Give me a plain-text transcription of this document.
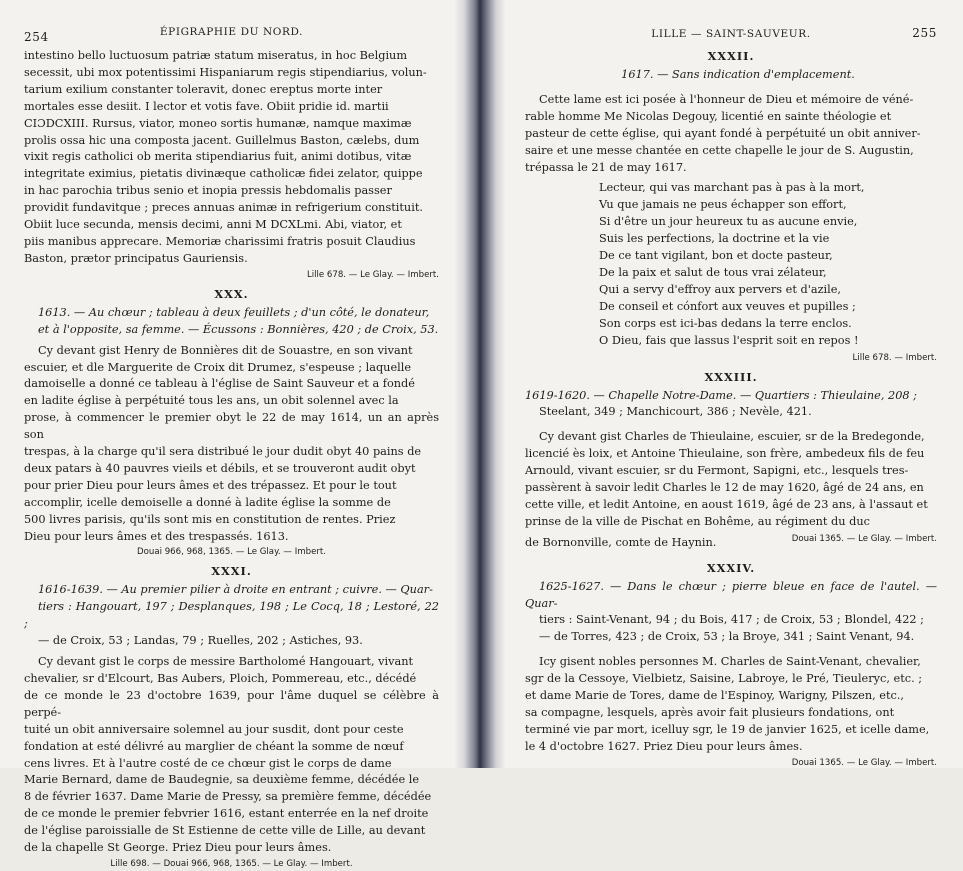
254	ÉPIGRAPHIE DU NORD.

intestino bello luctuosum patriæ statum miseratus, in hoc Belgium

secessit, ubi mox potentissimi Hispaniarum regis stipendiarius, volun-

tarium exilium constanter toleravit, donec ereptus morte inter

mortales esse desiit. I lector et votis fave. Obiit pridie id. martii

CIƆDCXIII. Rursus, viator, moneo sortis humanæ, namque maximæ

prolis ossa hic una composta jacent. Guillelmus Baston, cælebs, dum

vixit regis catholici ob merita stipendiarius fuit, animi dotibus, vitæ

integritate eximius, pietatis divinæque catholicæ fidei zelator, quippe

in hac parochia tribus senio et inopia pressis hebdomalis passer

providit fundavitque ; preces annuas animæ in refrigerium constituit.

Obiit luce secunda, mensis decimi, anni M DCXLmi. Abi, viator, et

piis manibus apprecare. Memoriæ charissimi fratris posuit Claudius

Baston, prætor principatus Gauriensis.

Lille 678. — Le Glay. — Imbert.
XXX.

1613. — Au chœur ; tableau à deux feuillets ; d'un côté, le donateur,

et à l'opposite, sa femme. — Écussons : Bonnières, 420 ; de Croix, 53.

Cy devant gist Henry de Bonnières dit de Souastre, en son vivant

escuier, et dle Marguerite de Croix dit Drumez, s'espeuse ; laquelle

damoiselle a donné ce tableau à l'église de Saint Sauveur et a fondé

en ladite église à perpétuité tous les ans, un obit solennel avec la

prose, à commencer le premier obyt le 22 de may 1614, un an après son

trespas, à la charge qu'il sera distribué le jour dudit obyt 40 pains de

deux patars à 40 pauvres vieils et débils, et se trouveront audit obyt

pour prier Dieu pour leurs âmes et des trépassez. Et pour le tout

accomplir, icelle demoiselle a donné à ladite église la somme de

500 livres parisis, qu'ils sont mis en constitution de rentes. Priez

Dieu pour leurs âmes et des trespassés. 1613.

Douai 966, 968, 1365. — Le Glay. — Imbert.
XXXI.

1616-1639. — Au premier pilier à droite en entrant ; cuivre. — Quar-

tiers : Hangouart, 197 ; Desplanques, 198 ; Le Cocq, 18 ; Lestoré, 22 ;

— de Croix, 53 ; Landas, 79 ; Ruelles, 202 ; Astiches, 93.

Cy devant gist le corps de messire Bartholomé Hangouart, vivant

chevalier, sr d'Elcourt, Bas Aubers, Ploich, Pommereau, etc., décédé

de ce monde le 23 d'octobre 1639, pour l'âme duquel se célèbre à perpé-

tuité un obit anniversaire solemnel au jour susdit, dont pour ceste

fondation at esté délivré au marglier de chéant la somme de nœuf

cens livres. Et à l'autre costé de ce chœur gist le corps de dame

Marie Bernard, dame de Baudegnie, sa deuxième femme, décédée le

8 de février 1637. Dame Marie de Pressy, sa première femme, décédée

de ce monde le premier febvrier 1616, estant enterrée en la nef droite

de l'église paroissialle de St Estienne de cette ville de Lille, au devant

de la chapelle St George. Priez Dieu pour leurs âmes.

Lille 698. — Douai 966, 968, 1365. — Le Glay. — Imbert.
LILLE — SAINT-SAUVEUR.	255
XXXII.

1617. — Sans indication d'emplacement.

Cette lame est ici posée à l'honneur de Dieu et mémoire de véné-

rable homme Me Nicolas Degouy, licentié en sainte théologie et

pasteur de cette église, qui ayant fondé à perpétuité un obit anniver-

saire et une messe chantée en cette chapelle le jour de S. Augustin,

trépassa le 21 de may 1617.

Lecteur, qui vas marchant pas à pas à la mort,
Vu que jamais ne peus échapper son effort,
Si d'être un jour heureux tu as aucune envie,
Suis les perfections, la doctrine et la vie
De ce tant vigilant, bon et docte pasteur,
De la paix et salut de tous vrai zélateur,
Qui a servy d'effroy aux pervers et d'azile,
De conseil et cónfort aux veuves et pupilles ;
Son corps est ici-bas dedans la terre enclos.
O Dieu, fais que lassus l'esprit soit en repos !
Lille 678. — Imbert.
XXXIII.

1619-1620. — Chapelle Notre-Dame. — Quartiers : Thieulaine, 208 ;

Steelant, 349 ; Manchicourt, 386 ; Nevèle, 421.

Cy devant gist Charles de Thieulaine, escuier, sr de la Bredegonde,

licencié ès loix, et Antoine Thieulaine, son frère, ambedeux fils de feu

Arnould, vivant escuier, sr du Fermont, Sapigni, etc., lesquels tres-

passèrent à savoir ledit Charles le 12 de may 1620, âgé de 24 ans, en

cette ville, et ledit Antoine, en aoust 1619, âgé de 23 ans, à l'assaut et

prinse de la ville de Pischat en Bohême, au régiment du duc

de Bornonville, comte de Haynin.	Douai 1365. — Le Glay. — Imbert.
XXXIV.

1625-1627. — Dans le chœur ; pierre bleue en face de l'autel. — Quar-

tiers : Saint-Venant, 94 ; du Bois, 417 ; de Croix, 53 ; Blondel, 422 ;

— de Torres, 423 ; de Croix, 53 ; la Broye, 341 ; Saint Venant, 94.

Icy gisent nobles personnes M. Charles de Saint-Venant, chevalier,

sgr de la Cessoye, Vielbietz, Saisine, Labroye, le Pré, Tieuleryc, etc. ;

et dame Marie de Tores, dame de l'Espinoy, Warigny, Pilszen, etc.,

sa compagne, lesquels, après avoir fait plusieurs fondations, ont

terminé vie par mort, icelluy sgr, le 19 de janvier 1625, et icelle dame,

le 4 d'octobre 1627. Priez Dieu pour leurs âmes.

Douai 1365. — Le Glay. — Imbert.
